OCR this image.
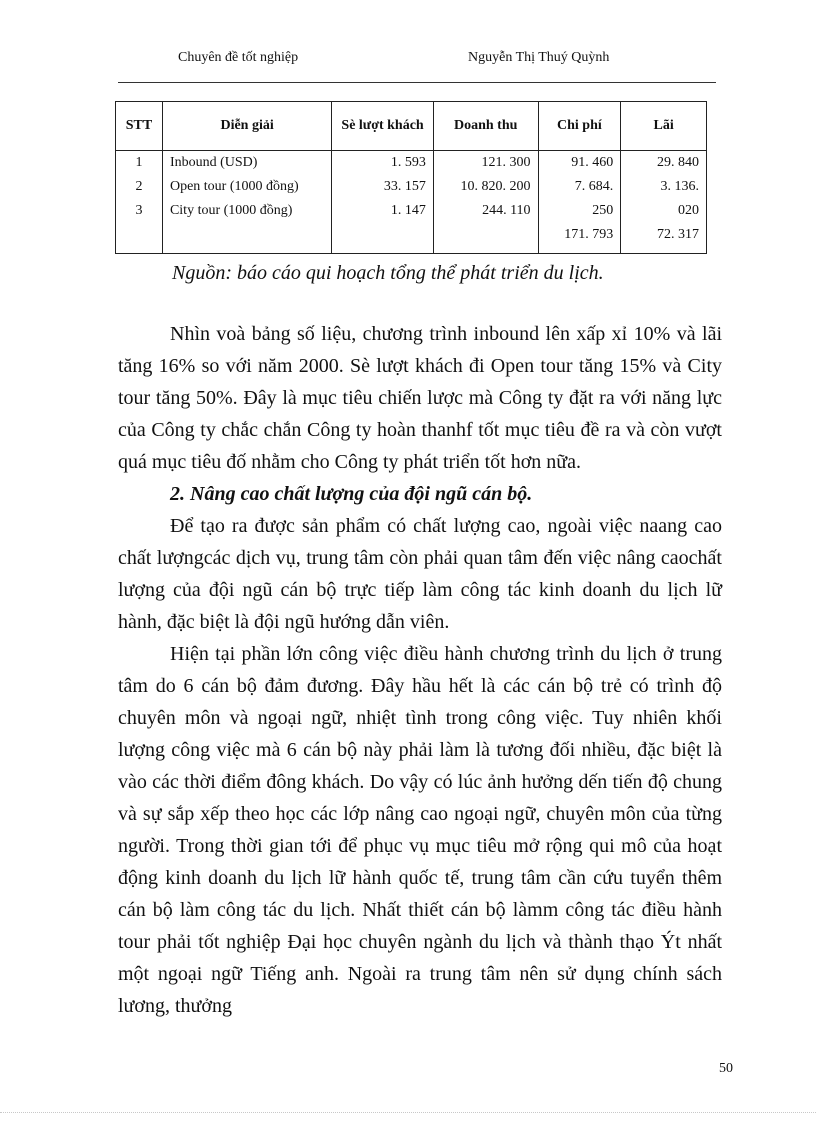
Chuyên đề tốt nghiệp	Nguyễn Thị Thuý Quỳnh
STT	Diễn giải	Sè lượt khách	Doanh thu	Chi phí	Lãi
1	Inbound (USD)	1. 593	121. 300	91. 460	29. 840
2	Open tour (1000 đồng)	33. 157	10. 820. 200	7. 684.	3. 136.
3	City tour (1000 đồng)	1. 147	244. 110	250	020
				171. 793	72. 317
Nguồn: báo cáo qui hoạch tổng thể phát triển du lịch.

Nhìn voà bảng số liệu, chương trình inbound lên xấp xỉ 10% và lãi tăng 16% so với năm 2000. Sè lượt khách đi Open tour tăng 15% và City tour tăng 50%. Đây là mục tiêu chiến lược mà Công ty đặt ra với năng lực của Công ty chắc chắn Công ty hoàn thanhf tốt mục tiêu đề ra và còn vượt quá mục tiêu đố nhằm cho Công ty phát triển tốt hơn nữa.

2. Nâng cao chất lượng của đội ngũ cán bộ.

Để tạo ra được sản phẩm có chất lượng cao, ngoài việc naang cao chất lượngcác dịch vụ, trung tâm còn phải quan tâm đến việc nâng caochất lượng của đội ngũ cán bộ trực tiếp làm công tác kinh doanh du lịch lữ hành, đặc biệt là đội ngũ hướng dẫn viên.

Hiện tại phần lớn công việc điều hành chương trình du lịch ở trung tâm do 6 cán bộ đảm đương. Đây hầu hết là các cán bộ trẻ có trình độ chuyên môn và ngoại ngữ, nhiệt tình trong công việc. Tuy nhiên khối lượng công việc mà 6 cán bộ này phải làm là tương đối nhiều, đặc biệt là vào các thời điểm đông khách. Do vậy có lúc ảnh hưởng dến tiến độ chung và sự sắp xếp theo học các lớp nâng cao ngoại ngữ, chuyên môn của từng người. Trong thời gian tới để phục vụ mục tiêu mở rộng qui mô của hoạt động kinh doanh du lịch lữ hành quốc tế, trung tâm cần cứu tuyển thêm cán bộ làm công tác du lịch. Nhất thiết cán bộ làmm công tác điều hành tour phải tốt nghiệp Đại học chuyên ngành du lịch và thành thạo Ýt nhất một ngoại ngữ Tiếng anh. Ngoài ra trung tâm nên sử dụng chính sách lương, thưởng

50
